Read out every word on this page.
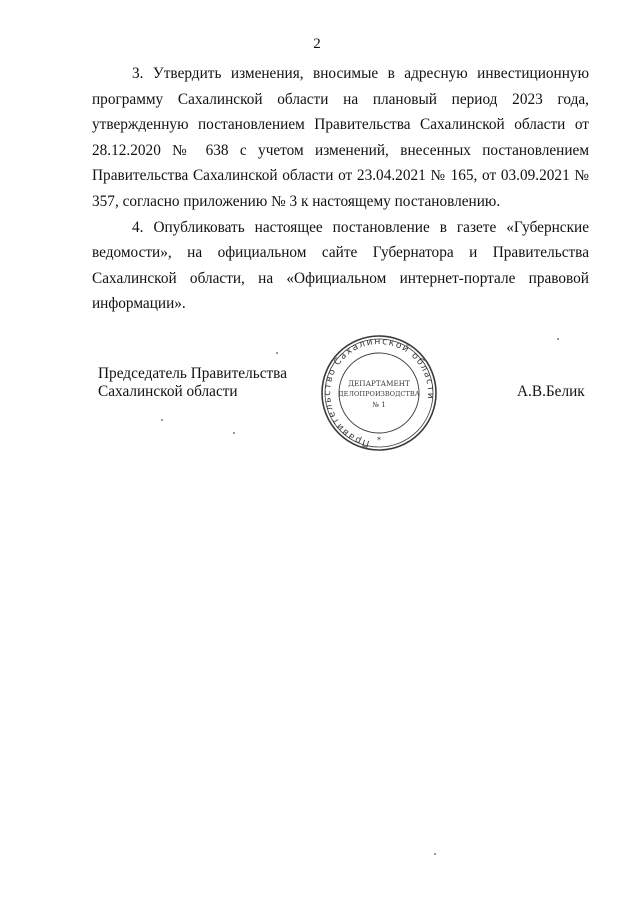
2

3. Утвердить изменения, вносимые в адресную инвестиционную программу Сахалинской области на плановый период 2023 года, утвержденную постановлением Правительства Сахалинской области от 28.12.2020 № 638 с учетом изменений, внесенных постановлением Правительства Сахалинской области от 23.04.2021 № 165, от 03.09.2021 № 357, согласно приложению № 3 к настоящему постановлению.

4. Опубликовать настоящее постановление в газете «Губернские ведомости», на официальном сайте Губернатора и Правительства Сахалинской области, на «Официальном интернет-портале правовой информации».

Председатель Правительства
Сахалинской области	А.В.Белик
Правительство Сахалинской области
ДЕПАРТАМЕНТ
ДЕЛОПРОИЗВОДСТВА
№ 1
*
